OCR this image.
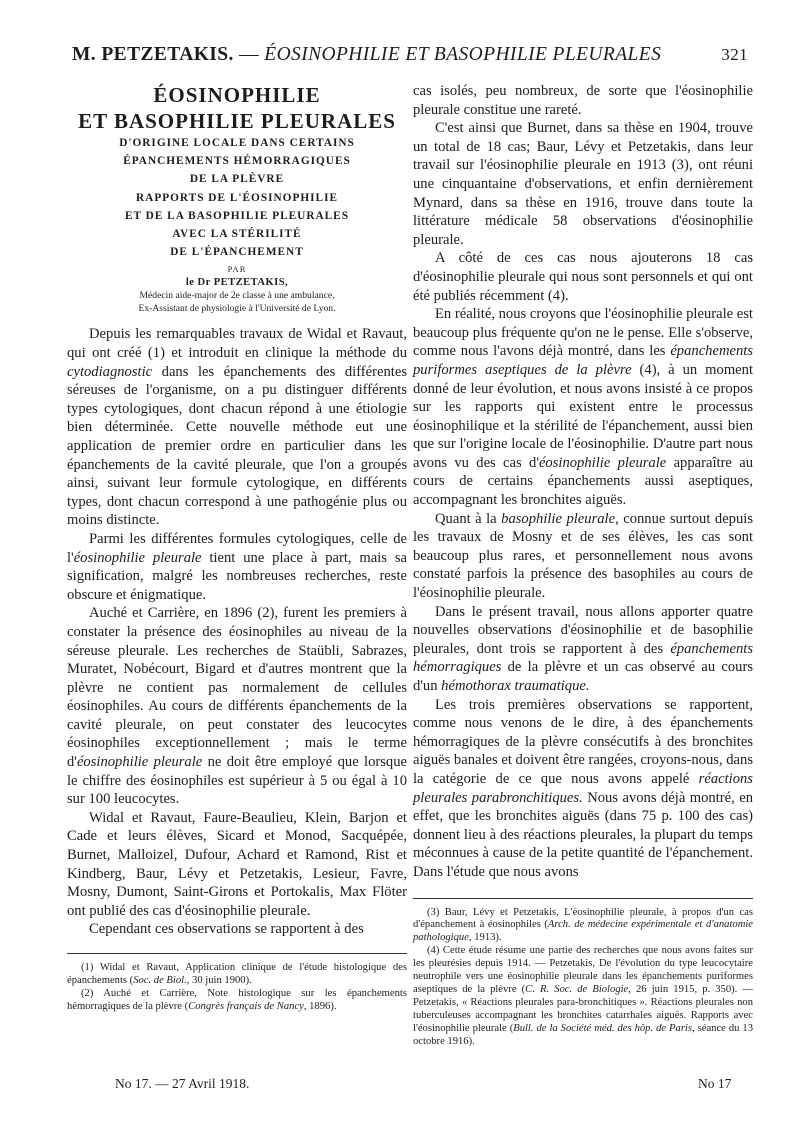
M. PETZETAKIS. — ÉOSINOPHILIE ET BASOPHILIE PLEURALES	321
ÉOSINOPHILIE
ET BASOPHILIE PLEURALES
D'ORIGINE LOCALE DANS CERTAINS
ÉPANCHEMENTS HÉMORRAGIQUES
DE LA PLÈVRE
RAPPORTS DE L'ÉOSINOPHILIE
ET DE LA BASOPHILIE PLEURALES
AVEC LA STÉRILITÉ
DE L'ÉPANCHEMENT
PAR
le Dr PETZETAKIS,
Médecin aide-major de 2e classe à une ambulance,
Ex-Assistant de physiologie à l'Université de Lyon.

Depuis les remarquables travaux de Widal et Ravaut, qui ont créé (1) et introduit en clinique la méthode du cytodiagnostic dans les épanchements des différentes séreuses de l'organisme, on a pu distinguer différents types cytologiques, dont chacun répond à une étiologie bien déterminée. Cette nouvelle méthode eut une application de premier ordre en particulier dans les épanchements de la cavité pleurale, que l'on a groupés ainsi, suivant leur formule cytologique, en différents types, dont chacun correspond à une pathogénie plus ou moins distincte.

Parmi les différentes formules cytologiques, celle de l'éosinophilie pleurale tient une place à part, mais sa signification, malgré les nombreuses recherches, reste obscure et énigmatique.

Auché et Carrière, en 1896 (2), furent les premiers à constater la présence des éosinophiles au niveau de la séreuse pleurale. Les recherches de Staübli, Sabrazes, Muratet, Nobécourt, Bigard et d'autres montrent que la plèvre ne contient pas normalement de cellules éosinophiles. Au cours de différents épanchements de la cavité pleurale, on peut constater des leucocytes éosinophiles exceptionnellement ; mais le terme d'éosinophilie pleurale ne doit être employé que lorsque le chiffre des éosinophiles est supérieur à 5 ou égal à 10 sur 100 leucocytes.

Widal et Ravaut, Faure-Beaulieu, Klein, Barjon et Cade et leurs élèves, Sicard et Monod, Sacquépée, Burnet, Malloizel, Dufour, Achard et Ramond, Rist et Kindberg, Baur, Lévy et Petzetakis, Lesieur, Favre, Mosny, Dumont, Saint-Girons et Portokalis, Max Flöter ont publié des cas d'éosinophilie pleurale.

Cependant ces observations se rapportent à des

(1) Widal et Ravaut, Application clinique de l'étude histologique des épanchements (Soc. de Biol., 30 juin 1900).

(2) Auché et Carrière, Note histologique sur les épanchements hémorragiques de la plèvre (Congrès français de Nancy, 1896).

cas isolés, peu nombreux, de sorte que l'éosinophilie pleurale constitue une rareté.

C'est ainsi que Burnet, dans sa thèse en 1904, trouve un total de 18 cas; Baur, Lévy et Petzetakis, dans leur travail sur l'éosinophilie pleurale en 1913 (3), ont réuni une cinquantaine d'observations, et enfin dernièrement Mynard, dans sa thèse en 1916, trouve dans toute la littérature médicale 58 observations d'éosinophilie pleurale.

A côté de ces cas nous ajouterons 18 cas d'éosinophilie pleurale qui nous sont personnels et qui ont été publiés récemment (4).

En réalité, nous croyons que l'éosinophilie pleurale est beaucoup plus fréquente qu'on ne le pense. Elle s'observe, comme nous l'avons déjà montré, dans les épanchements puriformes aseptiques de la plèvre (4), à un moment donné de leur évolution, et nous avons insisté à ce propos sur les rapports qui existent entre le processus éosinophilique et la stérilité de l'épanchement, aussi bien que sur l'origine locale de l'éosinophilie. D'autre part nous avons vu des cas d'éosinophilie pleurale apparaître au cours de certains épanchements aussi aseptiques, accompagnant les bronchites aiguës.

Quant à la basophilie pleurale, connue surtout depuis les travaux de Mosny et de ses élèves, les cas sont beaucoup plus rares, et personnellement nous avons constaté parfois la présence des basophiles au cours de l'éosinophilie pleurale.

Dans le présent travail, nous allons apporter quatre nouvelles observations d'éosinophilie et de basophilie pleurales, dont trois se rapportent à des épanchements hémorragiques de la plèvre et un cas observé au cours d'un hémothorax traumatique.

Les trois premières observations se rapportent, comme nous venons de le dire, à des épanchements hémorragiques de la plèvre consécutifs à des bronchites aiguës banales et doivent être rangées, croyons-nous, dans la catégorie de ce que nous avons appelé réactions pleurales parabronchitiques. Nous avons déjà montré, en effet, que les bronchites aiguës (dans 75 p. 100 des cas) donnent lieu à des réactions pleurales, la plupart du temps méconnues à cause de la petite quantité de l'épanchement. Dans l'étude que nous avons

(3) Baur, Lévy et Petzetakis, L'éosinophilie pleurale, à propos d'un cas d'épanchement à éosinophiles (Arch. de médecine expérimentale et d'anatomie pathologique, 1913).

(4) Cette étude résume une partie des recherches que nous avons faites sur les pleurésies depuis 1914. — Petzetakis, De l'évolution du type leucocytaire neutrophile vers une éosinophilie pleurale dans les épanchements puriformes aseptiques de la plèvre (C. R. Soc. de Biologie, 26 juin 1915, p. 350). — Petzetakis, « Réactions pleurales para-bronchitiques ». Réactions pleurales non tuberculeuses accompagnant les bronchites catarrhales aiguës. Rapports avec l'éosinophilie pleurale (Bull. de la Société méd. des hôp. de Paris, séance du 13 octobre 1916).

No 17. — 27 Avril 1918.	No 17
